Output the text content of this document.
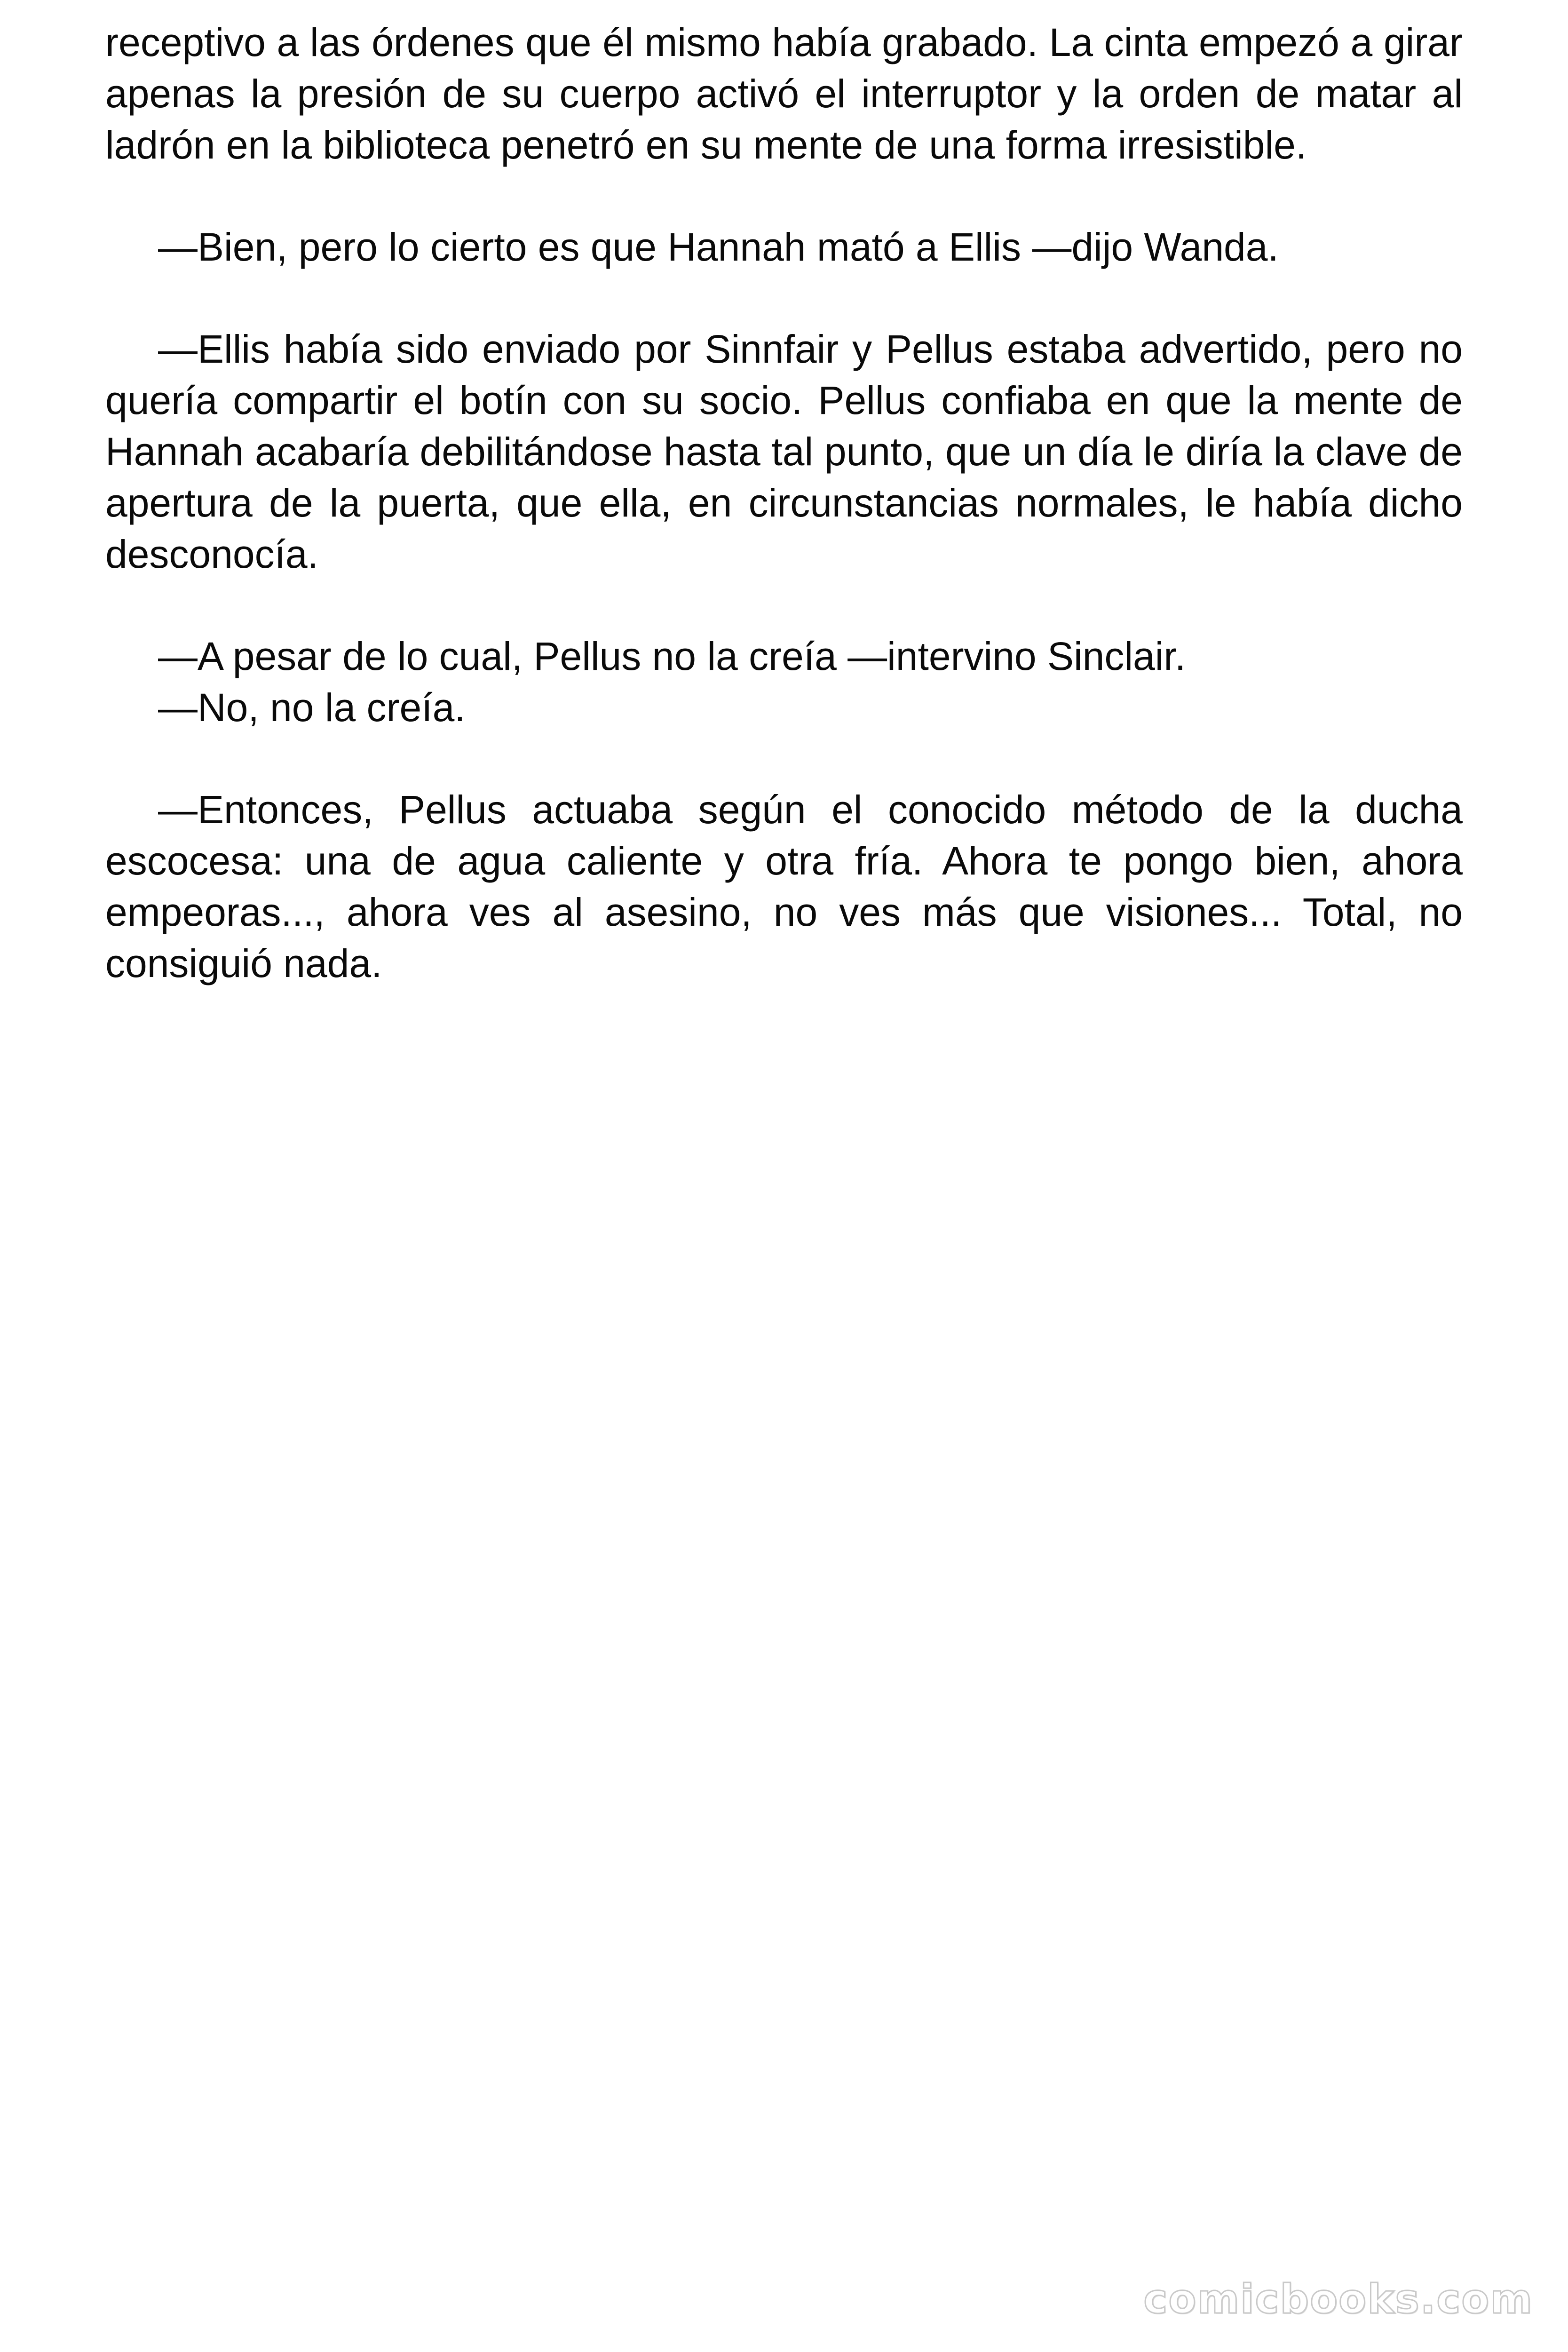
receptivo a las órdenes que él mismo había grabado. La cinta empezó a girar apenas la presión de su cuerpo activó el interruptor y la orden de matar al ladrón en la biblioteca penetró en su mente de una forma irresistible.

—Bien, pero lo cierto es que Hannah mató a Ellis —dijo Wanda.

—Ellis había sido enviado por Sinnfair y Pellus estaba advertido, pero no quería compartir el botín con su socio. Pellus confiaba en que la mente de Hannah acabaría debilitándose hasta tal punto, que un día le diría la clave de apertura de la puerta, que ella, en circunstancias normales, le había dicho desconocía.

—A pesar de lo cual, Pellus no la creía —intervino Sinclair.

—No, no la creía.

—Entonces, Pellus actuaba según el conocido método de la ducha escocesa: una de agua caliente y otra fría. Ahora te pongo bien, ahora empeoras..., ahora ves al asesino, no ves más que visiones... Total, no consiguió nada.

comicbooks.com
